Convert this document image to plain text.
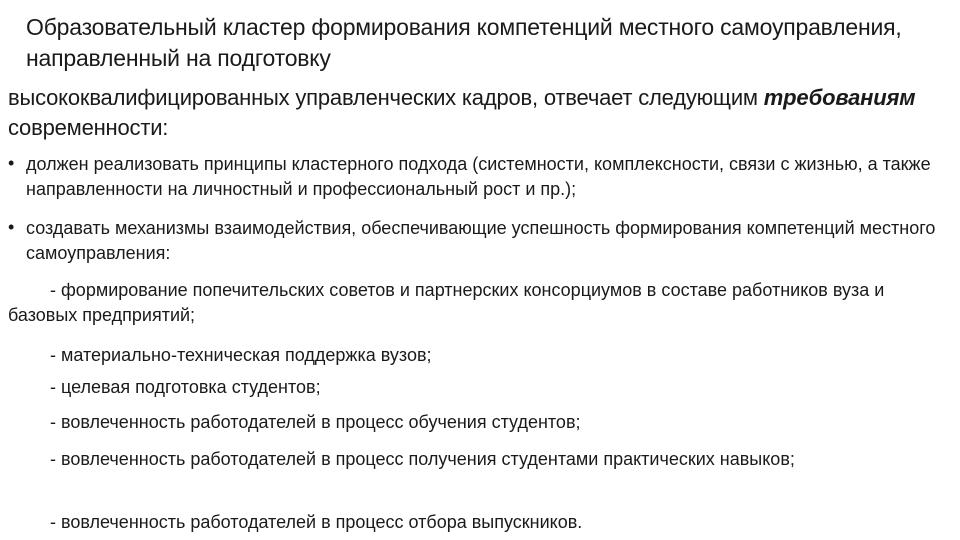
Образовательный кластер формирования компетенций местного самоуправления, направленный на подготовку
высококвалифицированных управленческих кадров, отвечает следующим требованиям современности:
• должен реализовать принципы кластерного подхода (системности, комплексности, связи с жизнью, а также направленности на личностный и профессиональный рост и пр.);
• создавать механизмы взаимодействия, обеспечивающие успешность формирования компетенций местного самоуправления:
- формирование попечительских советов и партнерских консорциумов в составе работников вуза и базовых предприятий;
- материально-техническая поддержка вузов;
- целевая подготовка студентов;
- вовлеченность работодателей в процесс обучения студентов;
- вовлеченность работодателей в процесс получения студентами практических навыков;
- вовлеченность работодателей в процесс отбора выпускников.
